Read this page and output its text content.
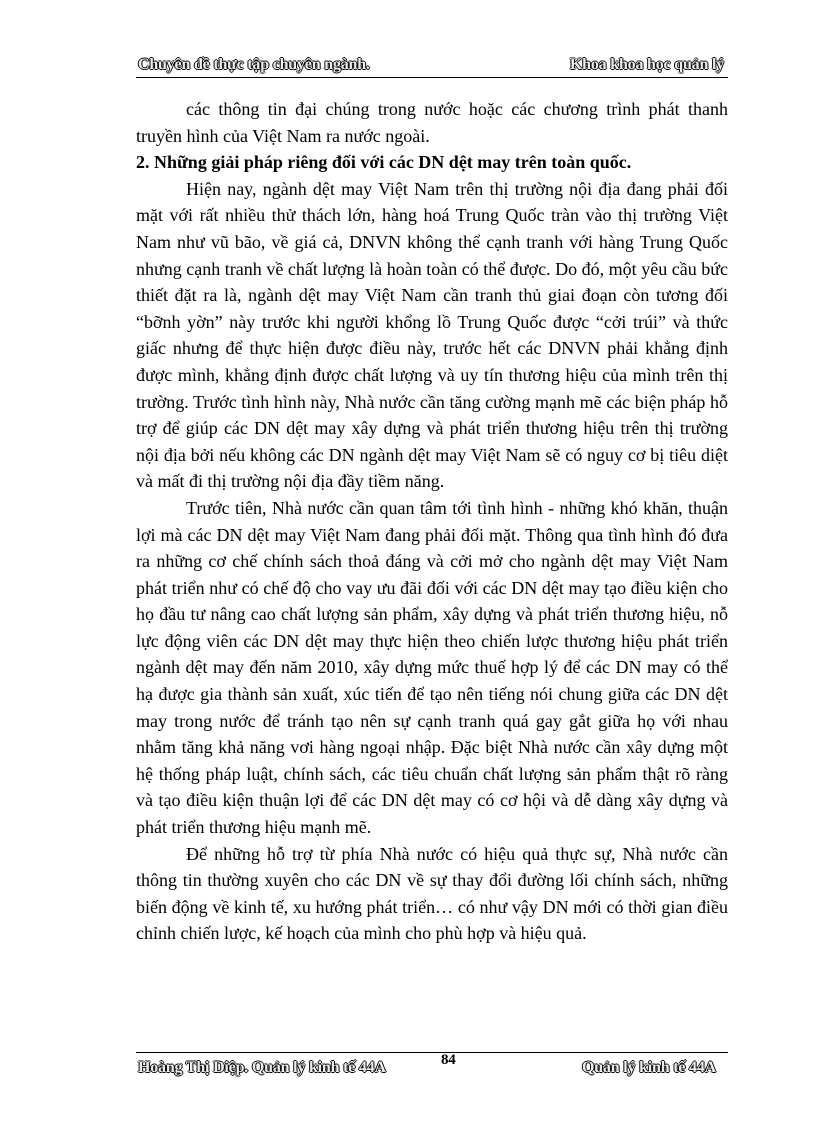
Chuyên đề thực tập chuyên ngành.	Khoa khoa học quản lý

các thông tin đại chúng trong nước hoặc các chương trình phát thanh truyền hình của Việt Nam ra nước ngoài.

2. Những giải pháp riêng đối với các DN dệt may trên toàn quốc.

Hiện nay, ngành dệt may Việt Nam trên thị trường nội địa đang phải đối mặt với rất nhiều thử thách lớn, hàng hoá Trung Quốc tràn vào thị trường Việt Nam như vũ bão, về giá cả, DNVN không thể cạnh tranh với hàng Trung Quốc nhưng cạnh tranh về chất lượng là hoàn toàn có thể được. Do đó, một yêu cầu bức thiết đặt ra là, ngành dệt may Việt Nam cần tranh thủ giai đoạn còn tương đối “bỡnh yờn” này trước khi người khổng lồ Trung Quốc được “cởi trúi” và thức giấc nhưng để thực hiện được điều này, trước hết các DNVN phải khẳng định được mình, khẳng định được chất lượng và uy tín thương hiệu của mình trên thị trường. Trước tình hình này, Nhà nước cần tăng cường mạnh mẽ các biện pháp hỗ trợ để giúp các DN dệt may xây dựng và phát triển thương hiệu trên thị trường nội địa bởi nếu không các DN ngành dệt may Việt Nam sẽ có nguy cơ bị tiêu diệt và mất đi thị trường nội địa đầy tiềm năng.

Trước tiên, Nhà nước cần quan tâm tới tình hình - những khó khăn, thuận lợi mà các DN dệt may Việt Nam đang phải đối mặt. Thông qua tình hình đó đưa ra những cơ chế chính sách thoả đáng và cởi mở cho ngành dệt may Việt Nam phát triển như có chế độ cho vay ưu đãi đối với các DN dệt may tạo điều kiện cho họ đầu tư nâng cao chất lượng sản phẩm, xây dựng và phát triển thương hiệu, nỗ lực động viên các DN dệt may thực hiện theo chiến lược thương hiệu phát triển ngành dệt may đến năm 2010, xây dựng mức thuế hợp lý để các DN may có thể hạ được gia thành sản xuất, xúc tiến để tạo nên tiếng nói chung giữa các DN dệt may trong nước để tránh tạo nên sự cạnh tranh quá gay gắt giữa họ với nhau nhằm tăng khả năng vơi hàng ngoại nhập. Đặc biệt Nhà nước cần xây dựng một hệ thống pháp luật, chính sách, các tiêu chuẩn chất lượng sản phẩm thật rõ ràng và tạo điều kiện thuận lợi để các DN dệt may có cơ hội và dễ dàng xây dựng và phát triển thương hiệu mạnh mẽ.

Để những hỗ trợ từ phía Nhà nước có hiệu quả thực sự, Nhà nước cần thông tin thường xuyên cho các DN về sự thay đổi đường lối chính sách, những biến động về kinh tế, xu hướng phát triển… có như vậy DN mới có thời gian điều chỉnh chiến lược, kế hoạch của mình cho phù hợp và hiệu quả.

Hoàng Thị Diệp. Quản lý kinh tế 44A	84	Quản lý kinh tế 44A
